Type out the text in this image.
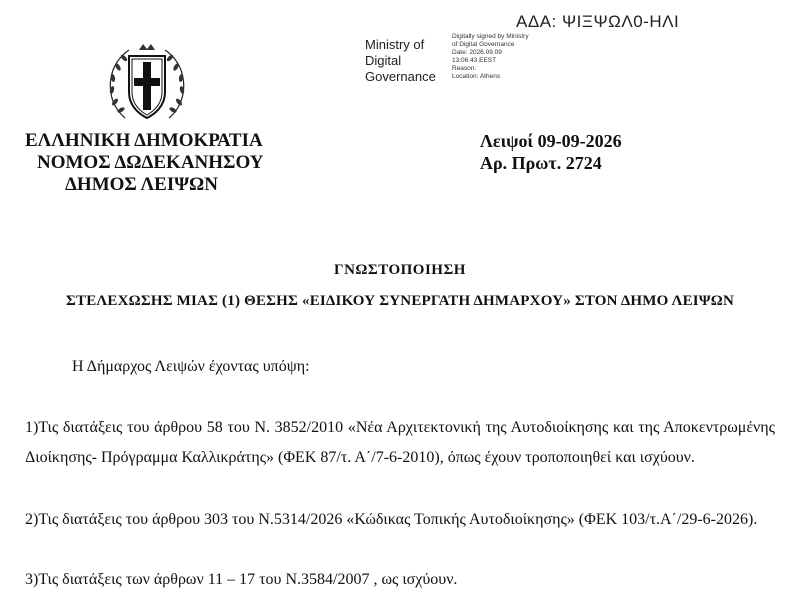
ΑΔΑ: ΨΙΞΨΩΛ0-ΗΛΙ
Ministry of
Digital
Governance
Digitally signed by Ministry
of Digital Governance
Date: 2026.09.09
13:06:43 EEST
Reason:
Location: Athens
ΕΛΛΗΝΙΚΗ ΔΗΜΟΚΡΑΤΙΑ
ΝΟΜΟΣ ΔΩΔΕΚΑΝΗΣΟΥ
ΔΗΜΟΣ ΛΕΙΨΩΝ
Λειψοί 09-09-2026
Αρ. Πρωτ. 2724
ΓΝΩΣΤΟΠΟΙΗΣΗ
ΣΤΕΛΕΧΩΣΗΣ ΜΙΑΣ (1) ΘΕΣΗΣ «ΕΙΔΙΚΟΥ ΣΥΝΕΡΓΑΤΗ ΔΗΜΑΡΧΟΥ» ΣΤΟΝ ΔΗΜΟ ΛΕΙΨΩΝ
Η Δήμαρχος Λειψών έχοντας υπόψη:
1)Τις διατάξεις του άρθρου 58 του Ν. 3852/2010 «Νέα Αρχιτεκτονική της Αυτοδιοίκησης και της Αποκεντρωμένης Διοίκησης- Πρόγραμμα Καλλικράτης» (ΦΕΚ 87/τ. Α΄/7-6-2010), όπως έχουν τροποποιηθεί και ισχύουν.
2)Τις διατάξεις του άρθρου 303 του Ν.5314/2026 «Κώδικας Τοπικής Αυτοδιοίκησης» (ΦΕΚ 103/τ.Α΄/29-6-2026).
3)Τις διατάξεις των άρθρων 11 – 17 του Ν.3584/2007 , ως ισχύουν.
